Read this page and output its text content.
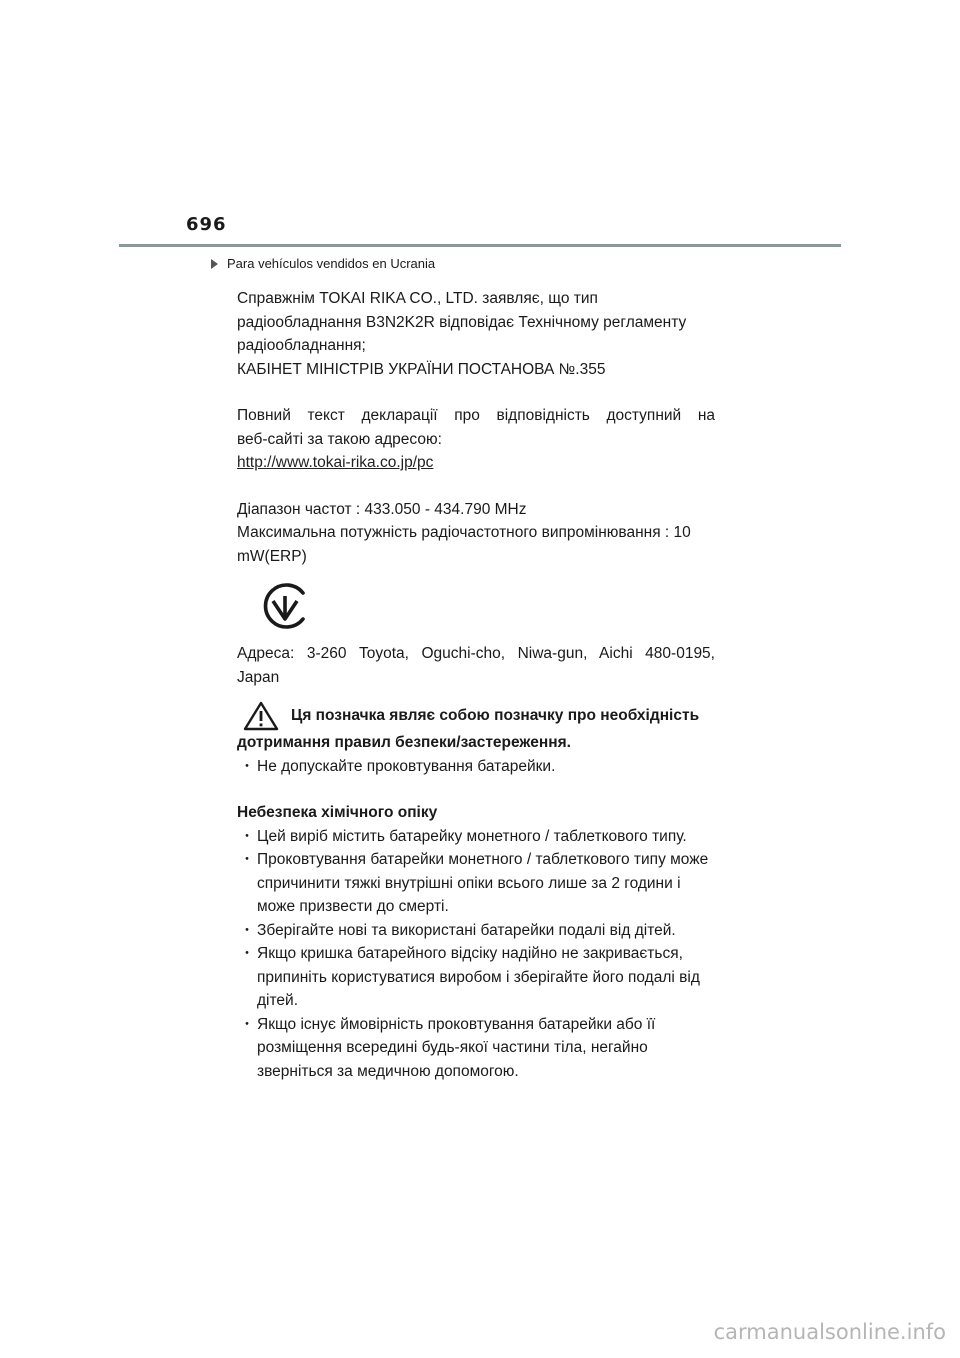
696
Para vehículos vendidos en Ucrania

Справжнім TOKAI RIKA CO., LTD. заявляє, що тип

радіообладнання B3N2K2R відповідає Технічному регламенту

радіообладнання;

КАБІНЕТ МІНІСТРІВ УКРАЇНИ ПОСТАНОВА №.355

Повний текст декларації про відповідність доступний на

веб-сайті за такою адресою:

http://www.tokai-rika.co.jp/pc

Діапазон частот : 433.050 - 434.790 MHz

Максимальна потужність радіочастотного випромінювання : 10

mW(ERP)

Адреса: 3-260 Toyota, Oguchi-cho, Niwa-gun, Aichi 480-0195,

Japan

Ця позначка являє собою позначку про необхідність

дотримання правил безпеки/застереження.

・ Не допускайте проковтування батарейки.

Небезпека хімічного опіку

・ Цей виріб містить батарейку монетного / таблеткового типу.

・ Проковтування батарейки монетного / таблеткового типу може спричинити тяжкі внутрішні опіки всього лише за 2 години і може призвести до смерті.

・ Зберігайте нові та використані батарейки подалі від дітей.

・ Якщо кришка батарейного відсіку надійно не закривається, припиніть користуватися виробом і зберігайте його подалі від дітей.

・ Якщо існує ймовірність проковтування батарейки або її розміщення всередині будь-якої частини тіла, негайно зверніться за медичною допомогою.

carmanualsonline.info
